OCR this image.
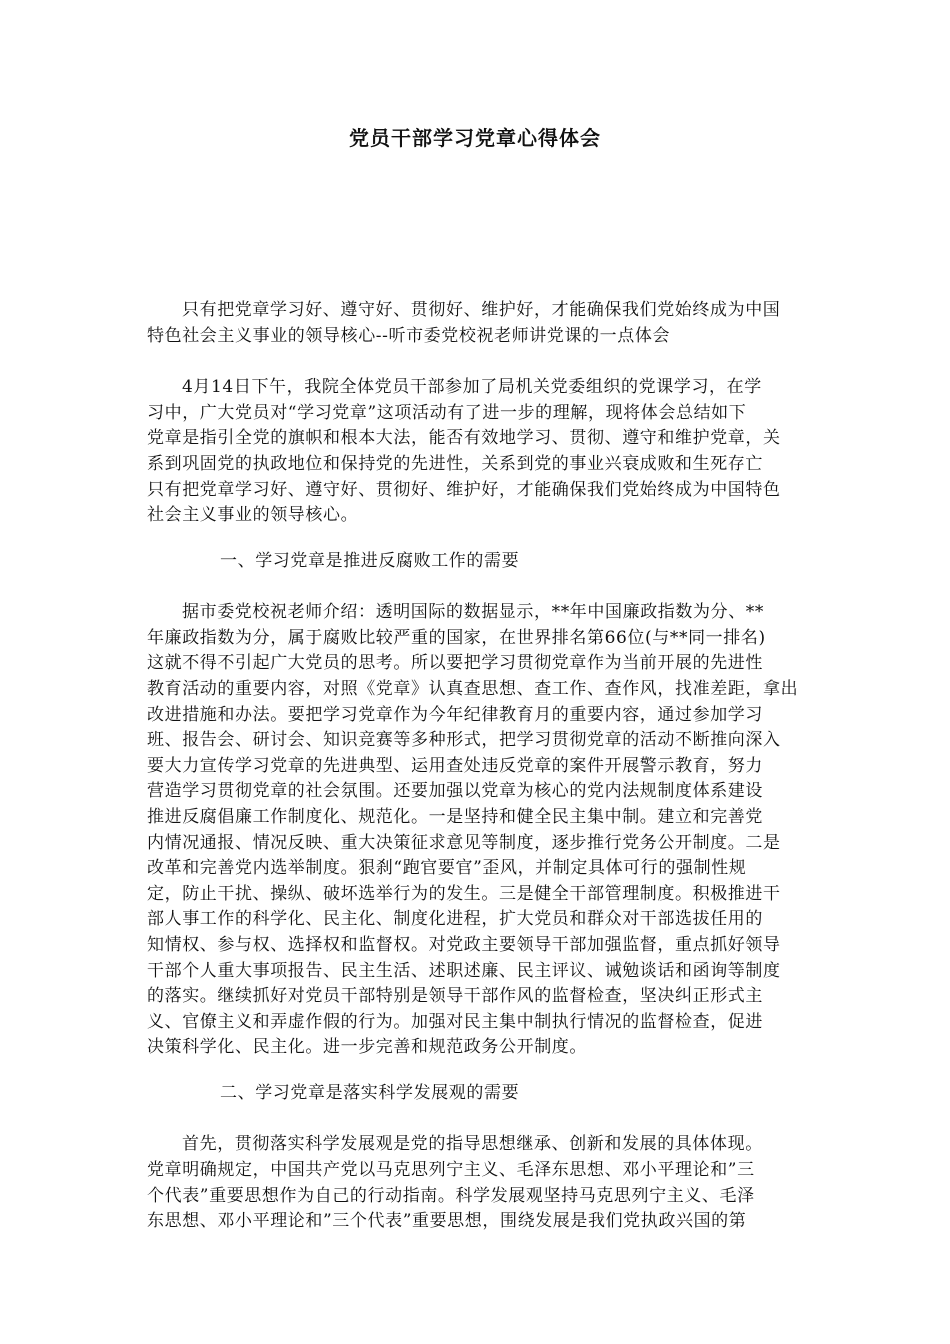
党员干部学习党章心得体会
只有把党章学习好、遵守好、贯彻好、维护好，才能确保我们党始终成为中国
特色社会主义事业的领导核心--听市委党校祝老师讲党课的一点体会
4月14日下午，我院全体党员干部参加了局机关党委组织的党课学习，在学
习中，广大党员对“学习党章”这项活动有了进一步的理解，现将体会总结如下
党章是指引全党的旗帜和根本大法，能否有效地学习、贯彻、遵守和维护党章，关
系到巩固党的执政地位和保持党的先进性，关系到党的事业兴衰成败和生死存亡
只有把党章学习好、遵守好、贯彻好、维护好，才能确保我们党始终成为中国特色
社会主义事业的领导核心。
一、学习党章是推进反腐败工作的需要
据市委党校祝老师介绍：透明国际的数据显示，**年中国廉政指数为分、**
年廉政指数为分，属于腐败比较严重的国家，在世界排名第66位(与**同一排名)
这就不得不引起广大党员的思考。所以要把学习贯彻党章作为当前开展的先进性
教育活动的重要内容，对照《党章》认真查思想、查工作、查作风，找准差距，拿出
改进措施和办法。要把学习党章作为今年纪律教育月的重要内容，通过参加学习
班、报告会、研讨会、知识竞赛等多种形式，把学习贯彻党章的活动不断推向深入
要大力宣传学习党章的先进典型、运用查处违反党章的案件开展警示教育，努力
营造学习贯彻党章的社会氛围。还要加强以党章为核心的党内法规制度体系建设
推进反腐倡廉工作制度化、规范化。一是坚持和健全民主集中制。建立和完善党
内情况通报、情况反映、重大决策征求意见等制度，逐步推行党务公开制度。二是
改革和完善党内选举制度。狠刹“跑官要官”歪风，并制定具体可行的强制性规
定，防止干扰、操纵、破坏选举行为的发生。三是健全干部管理制度。积极推进干
部人事工作的科学化、民主化、制度化进程，扩大党员和群众对干部选拔任用的
知情权、参与权、选择权和监督权。对党政主要领导干部加强监督，重点抓好领导
干部个人重大事项报告、民主生活、述职述廉、民主评议、诫勉谈话和函询等制度
的落实。继续抓好对党员干部特别是领导干部作风的监督检查，坚决纠正形式主
义、官僚主义和弄虚作假的行为。加强对民主集中制执行情况的监督检查，促进
决策科学化、民主化。进一步完善和规范政务公开制度。
二、学习党章是落实科学发展观的需要
首先，贯彻落实科学发展观是党的指导思想继承、创新和发展的具体体现。
党章明确规定，中国共产党以马克思列宁主义、毛泽东思想、邓小平理论和”三
个代表”重要思想作为自己的行动指南。科学发展观坚持马克思列宁主义、毛泽
东思想、邓小平理论和”三个代表”重要思想，围绕发展是我们党执政兴国的第
